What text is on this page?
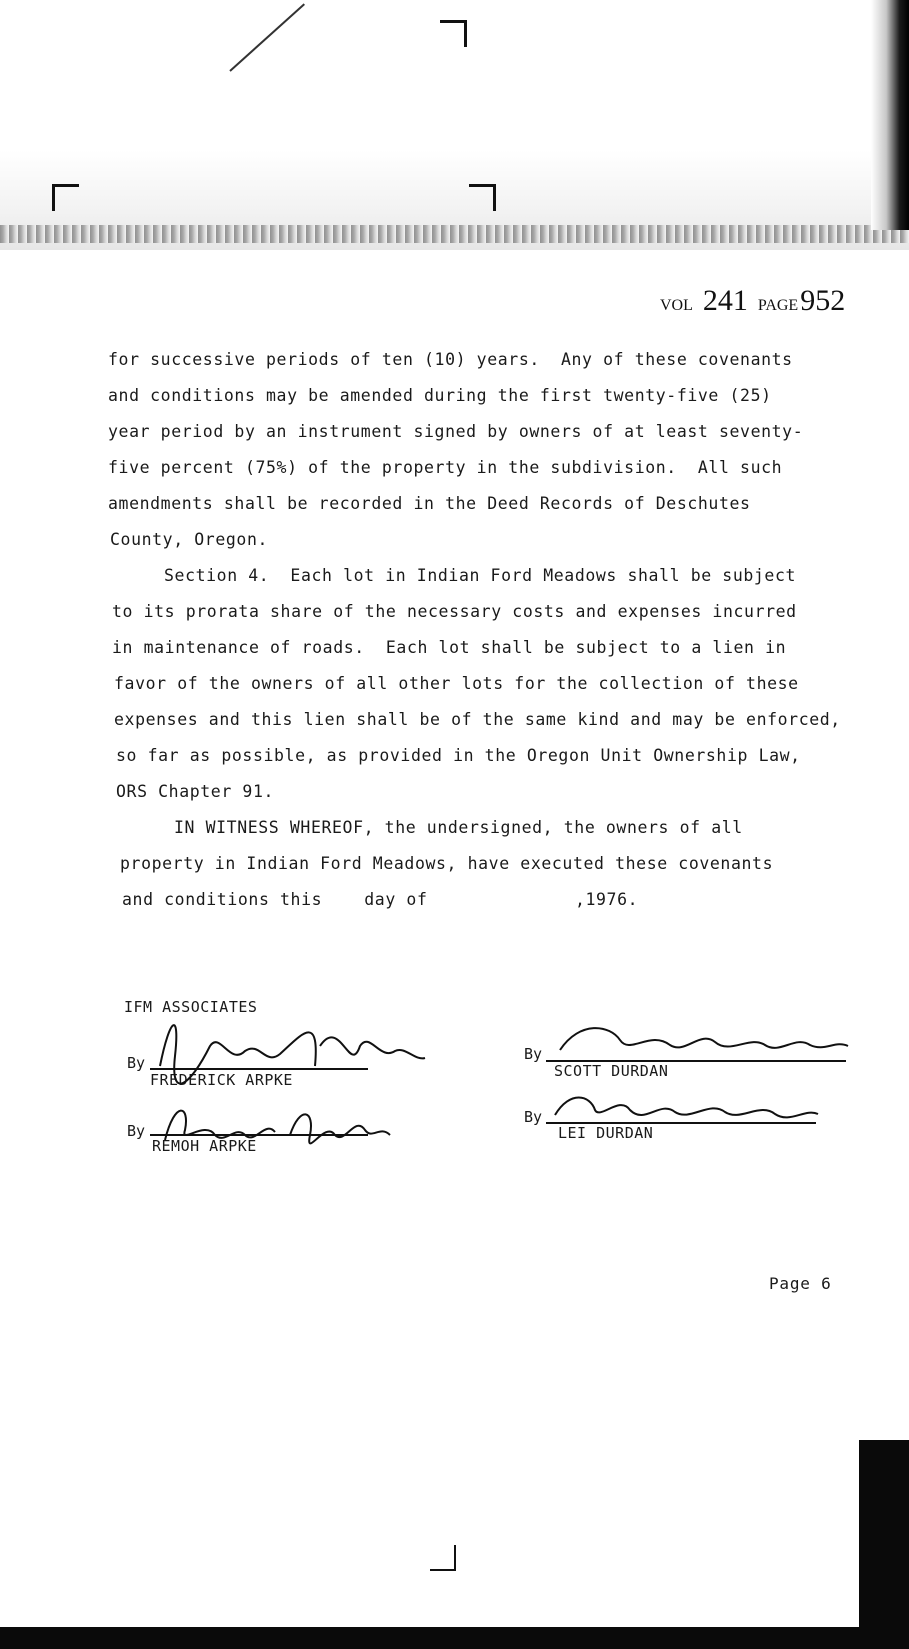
VOL 241 PAGE952
for successive periods of ten (10) years.  Any of these covenants
and conditions may be amended during the first twenty-five (25)
year period by an instrument signed by owners of at least seventy-
five percent (75%) of the property in the subdivision.  All such
amendments shall be recorded in the Deed Records of Deschutes
County, Oregon.
Section 4.  Each lot in Indian Ford Meadows shall be subject
to its prorata share of the necessary costs and expenses incurred
in maintenance of roads.  Each lot shall be subject to a lien in
favor of the owners of all other lots for the collection of these
expenses and this lien shall be of the same kind and may be enforced,
so far as possible, as provided in the Oregon Unit Ownership Law,
ORS Chapter 91.
IN WITNESS WHEREOF, the undersigned, the owners of all
property in Indian Ford Meadows, have executed these covenants
and conditions this    day of              ,1976.
IFM ASSOCIATES
By
FREDERICK ARPKE
By
REMOH ARPKE
By
SCOTT DURDAN
By
LEI DURDAN
Page 6
